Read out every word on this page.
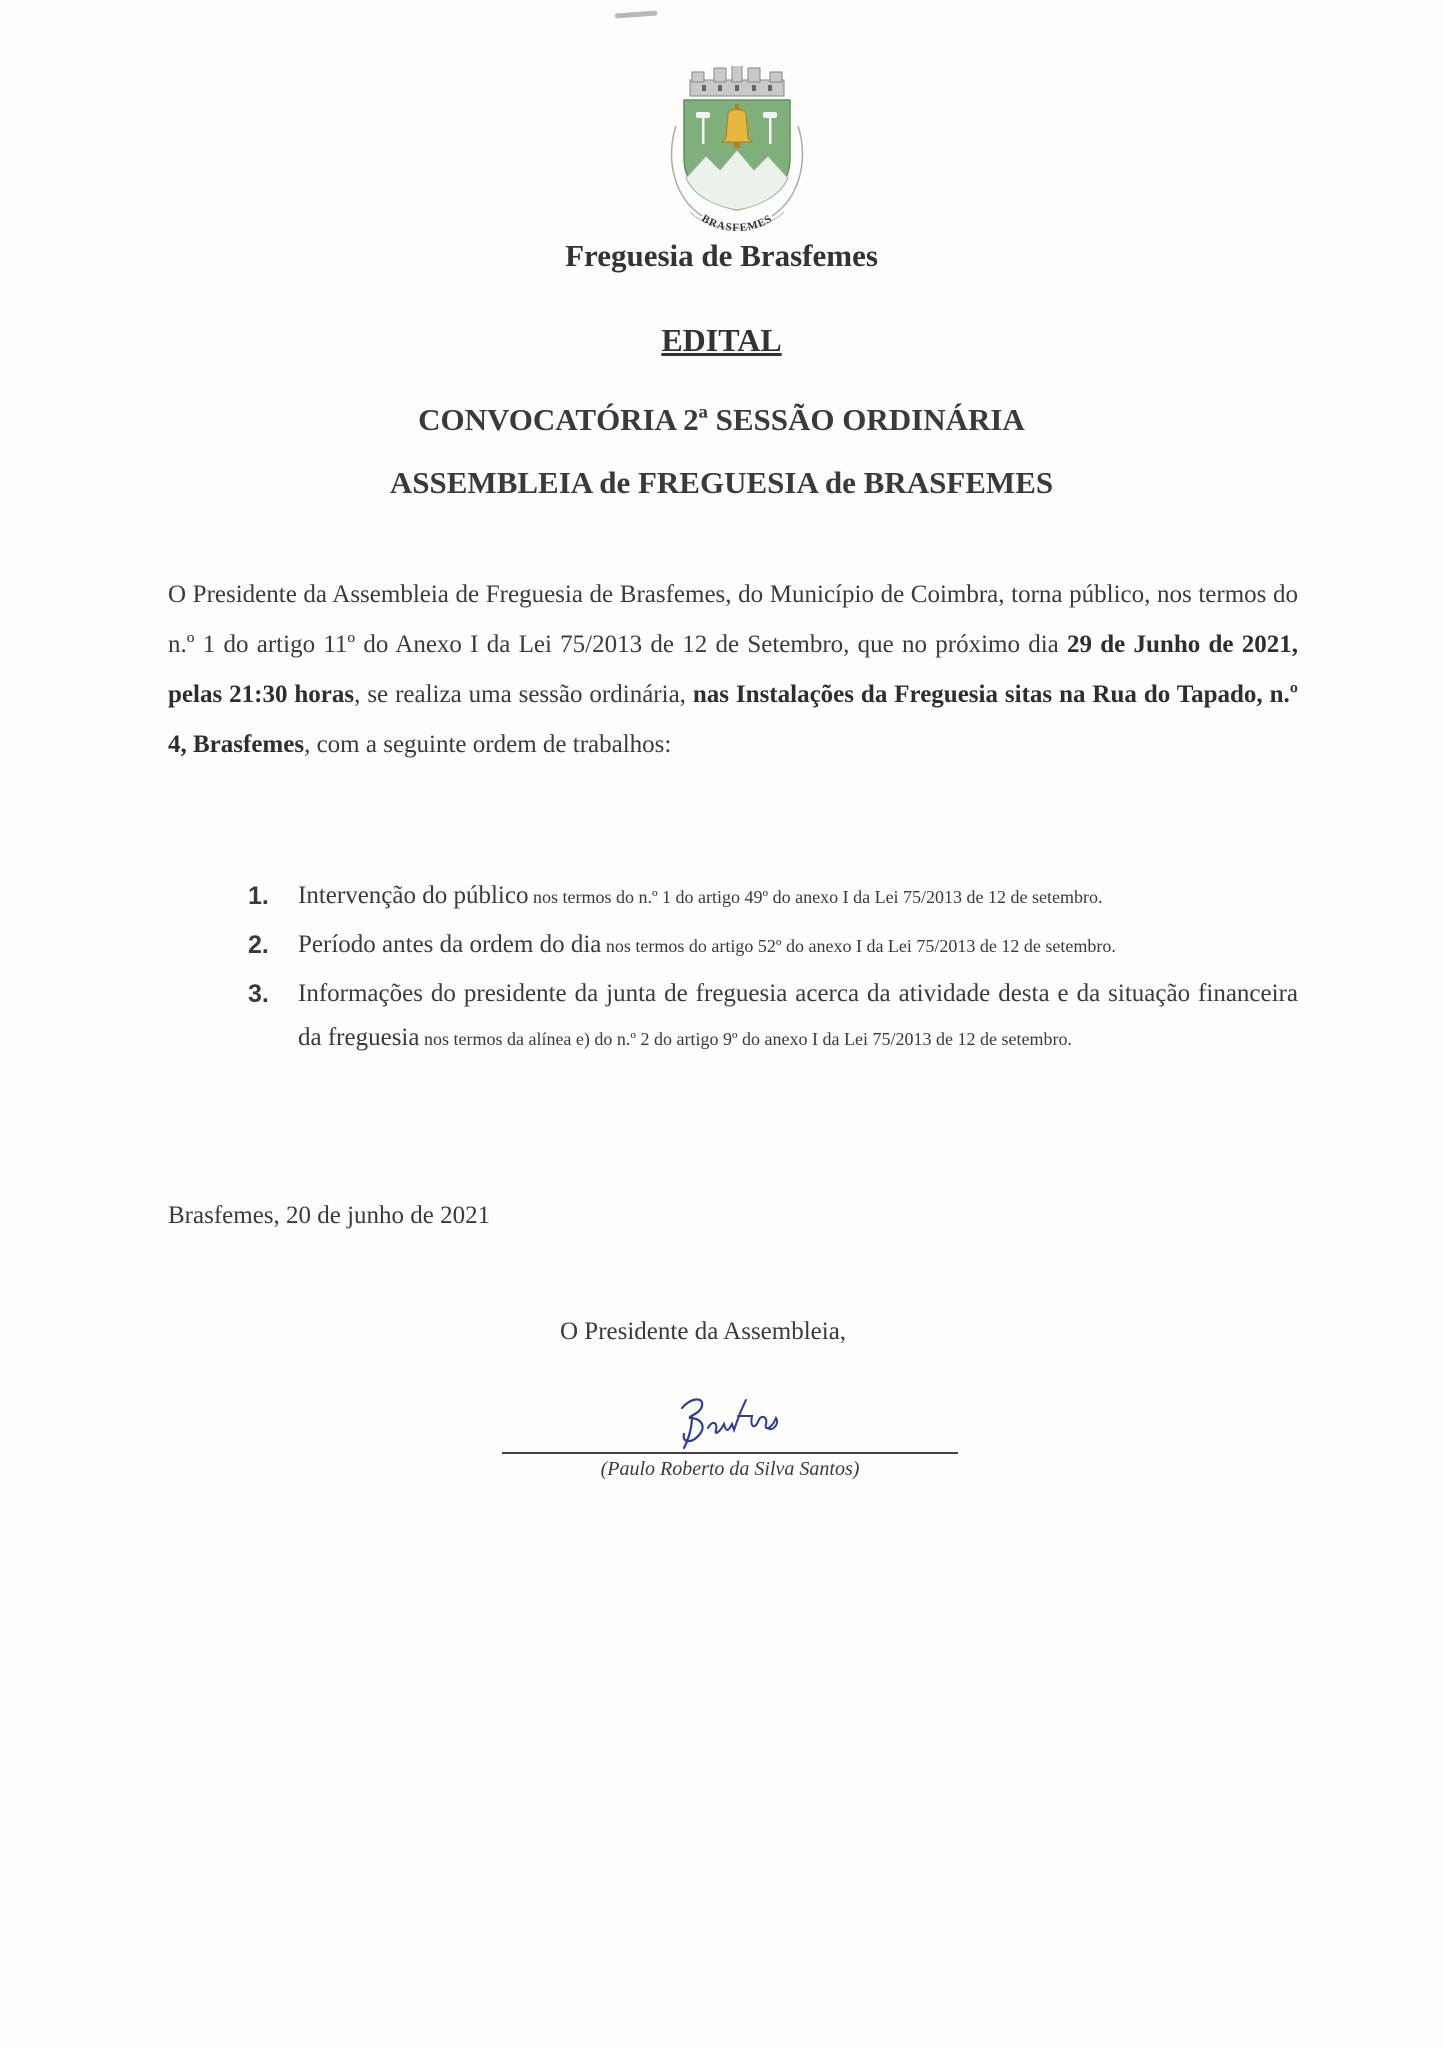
BRASFEMES
Freguesia de Brasfemes
EDITAL
CONVOCATÓRIA 2ª SESSÃO ORDINÁRIA
ASSEMBLEIA de FREGUESIA de BRASFEMES
O Presidente da Assembleia de Freguesia de Brasfemes, do Município de Coimbra, torna público, nos termos do n.º 1 do artigo 11º do Anexo I da Lei 75/2013 de 12 de Setembro, que no próximo dia 29 de Junho de 2021, pelas 21:30 horas, se realiza uma sessão ordinária, nas Instalações da Freguesia sitas na Rua do Tapado, n.º 4, Brasfemes, com a seguinte ordem de trabalhos:
1. Intervenção do público nos termos do n.º 1 do artigo 49º do anexo I da Lei 75/2013 de 12 de setembro.
2. Período antes da ordem do dia nos termos do artigo 52º do anexo I da Lei 75/2013 de 12 de setembro.
3. Informações do presidente da junta de freguesia acerca da atividade desta e da situação financeira da freguesia nos termos da alínea e) do n.º 2 do artigo 9º do anexo I da Lei 75/2013 de 12 de setembro.
Brasfemes, 20 de junho de 2021
O Presidente da Assembleia,
(Paulo Roberto da Silva Santos)
